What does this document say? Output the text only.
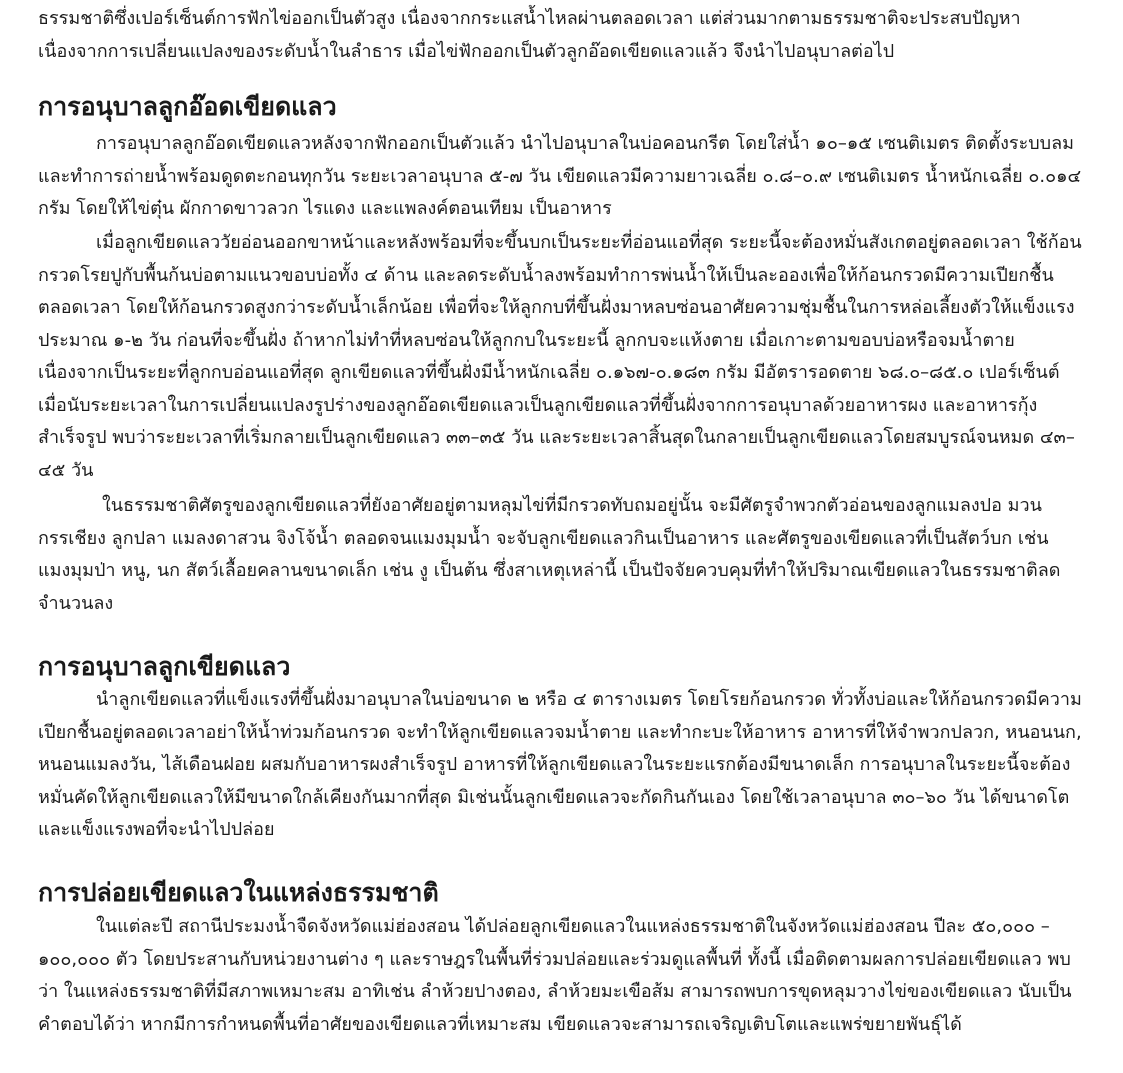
ธรรมชาติซึ่งเปอร์เซ็นต์การฟักไข่ออกเป็นตัวสูง เนื่องจากกระแสน้ำไหลผ่านตลอดเวลา แต่ส่วนมากตามธรรมชาติจะประสบปัญหา เนื่องจากการเปลี่ยนแปลงของระดับน้ำในลำธาร เมื่อไข่ฟักออกเป็นตัวลูกอ๊อดเขียดแลวแล้ว จึงนำไปอนุบาลต่อไป

การอนุบาลลูกอ๊อดเขียดแลว

การอนุบาลลูกอ๊อดเขียดแลวหลังจากฟักออกเป็นตัวแล้ว นำไปอนุบาลในบ่อคอนกรีต โดยใส่น้ำ ๑๐–๑๕ เซนติเมตร ติดตั้งระบบลมและทำการถ่ายน้ำพร้อมดูดตะกอนทุกวัน ระยะเวลาอนุบาล ๕-๗ วัน เขียดแลวมีความยาวเฉลี่ย ๐.๘–๐.๙ เซนติเมตร น้ำหนักเฉลี่ย ๐.๐๑๔ กรัม โดยให้ไข่ตุ๋น ผักกาดขาวลวก ไรแดง และแพลงค์ตอนเทียม เป็นอาหาร

เมื่อลูกเขียดแลววัยอ่อนออกขาหน้าและหลังพร้อมที่จะขึ้นบกเป็นระยะที่อ่อนแอที่สุด ระยะนี้จะต้องหมั่นสังเกตอยู่ตลอดเวลา ใช้ก้อนกรวดโรยปูกับพื้นก้นบ่อตามแนวขอบบ่อทั้ง ๔ ด้าน และลดระดับน้ำลงพร้อมทำการพ่นน้ำให้เป็นละอองเพื่อให้ก้อนกรวดมีความเปียกชื้นตลอดเวลา โดยให้ก้อนกรวดสูงกว่าระดับน้ำเล็กน้อย เพื่อที่จะให้ลูกกบที่ขึ้นฝั่งมาหลบซ่อนอาศัยความชุ่มชื้นในการหล่อเลี้ยงตัวให้แข็งแรงประมาณ ๑-๒ วัน ก่อนที่จะขึ้นฝั่ง ถ้าหากไม่ทำที่หลบซ่อนให้ลูกกบในระยะนี้ ลูกกบจะแห้งตาย เมื่อเกาะตามขอบบ่อหรือจมน้ำตาย เนื่องจากเป็นระยะที่ลูกกบอ่อนแอที่สุด ลูกเขียดแลวที่ขึ้นฝั่งมีน้ำหนักเฉลี่ย ๐.๑๖๗-๐.๑๘๓ กรัม มีอัตรารอดตาย ๖๘.๐–๘๕.๐ เปอร์เซ็นต์ เมื่อนับระยะเวลาในการเปลี่ยนแปลงรูปร่างของลูกอ๊อดเขียดแลวเป็นลูกเขียดแลวที่ขึ้นฝั่งจากการอนุบาลด้วยอาหารผง และอาหารกุ้งสำเร็จรูป พบว่าระยะเวลาที่เริ่มกลายเป็นลูกเขียดแลว ๓๓–๓๕ วัน และระยะเวลาสิ้นสุดในกลายเป็นลูกเขียดแลวโดยสมบูรณ์จนหมด ๔๓–๔๕ วัน

ในธรรมชาติศัตรูของลูกเขียดแลวที่ยังอาศัยอยู่ตามหลุมไข่ที่มีกรวดทับถมอยู่นั้น จะมีศัตรูจำพวกตัวอ่อนของลูกแมลงปอ มวนกรรเชียง ลูกปลา แมลงดาสวน จิงโจ้น้ำ ตลอดจนแมงมุมน้ำ จะจับลูกเขียดแลวกินเป็นอาหาร และศัตรูของเขียดแลวที่เป็นสัตว์บก เช่น แมงมุมป่า หนู, นก สัตว์เลื้อยคลานขนาดเล็ก เช่น งู เป็นต้น ซึ่งสาเหตุเหล่านี้ เป็นปัจจัยควบคุมที่ทำให้ปริมาณเขียดแลวในธรรมชาติลดจำนวนลง

การอนุบาลลูกเขียดแลว

นำลูกเขียดแลวที่แข็งแรงที่ขึ้นฝั่งมาอนุบาลในบ่อขนาด ๒ หรือ ๔ ตารางเมตร โดยโรยก้อนกรวด ทั่วทั้งบ่อและให้ก้อนกรวดมีความเปียกชื้นอยู่ตลอดเวลาอย่าให้น้ำท่วมก้อนกรวด จะทำให้ลูกเขียดแลวจมน้ำตาย และทำกะบะให้อาหาร อาหารที่ให้จำพวกปลวก, หนอนนก, หนอนแมลงวัน, ไส้เดือนฝอย ผสมกับอาหารผงสำเร็จรูป อาหารที่ให้ลูกเขียดแลวในระยะแรกต้องมีขนาดเล็ก การอนุบาลในระยะนี้จะต้องหมั่นคัดให้ลูกเขียดแลวให้มีขนาดใกล้เคียงกันมากที่สุด มิเช่นนั้นลูกเขียดแลวจะกัดกินกันเอง โดยใช้เวลาอนุบาล ๓๐–๖๐ วัน ได้ขนาดโตและแข็งแรงพอที่จะนำไปปล่อย

การปล่อยเขียดแลวในแหล่งธรรมชาติ

ในแต่ละปี สถานีประมงน้ำจืดจังหวัดแม่ฮ่องสอน ได้ปล่อยลูกเขียดแลวในแหล่งธรรมชาติในจังหวัดแม่ฮ่องสอน ปีละ ๕๐,๐๐๐ – ๑๐๐,๐๐๐ ตัว โดยประสานกับหน่วยงานต่าง ๆ และราษฎรในพื้นที่ร่วมปล่อยและร่วมดูแลพื้นที่ ทั้งนี้ เมื่อติดตามผลการปล่อยเขียดแลว พบว่า ในแหล่งธรรมชาติที่มีสภาพเหมาะสม อาทิเช่น ลำห้วยปางตอง, ลำห้วยมะเขือส้ม สามารถพบการขุดหลุมวางไข่ของเขียดแลว นับเป็นคำตอบได้ว่า หากมีการกำหนดพื้นที่อาศัยของเขียดแลวที่เหมาะสม เขียดแลวจะสามารถเจริญเติบโตและแพร่ขยายพันธุ์ได้
